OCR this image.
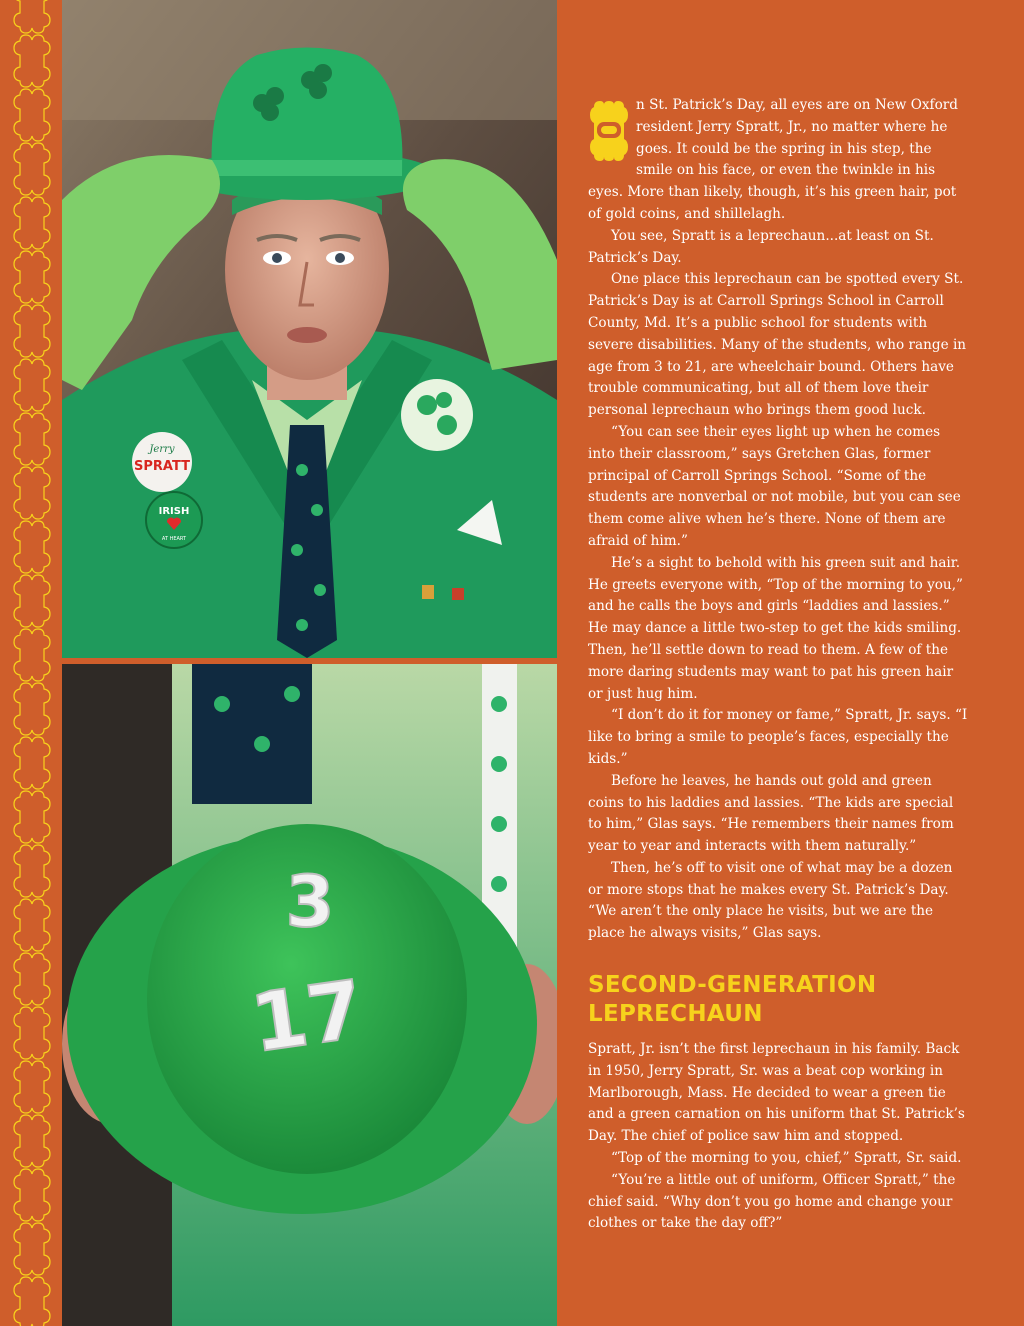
Jerry
SPRATT
IRISH
AT HEART
3
17

n St. Patrick’s Day, all eyes are on New Oxford resident Jerry Spratt, Jr., no matter where he goes. It could be the spring in his step, the smile on his face, or even the twinkle in his eyes. More than likely, though, it’s his green hair, pot of gold coins, and shillelagh.

You see, Spratt is a leprechaun...at least on St. Patrick’s Day.

One place this leprechaun can be spotted every St. Patrick’s Day is at Carroll Springs School in Carroll County, Md. It’s a public school for students with severe disabilities. Many of the students, who range in age from 3 to 21, are wheelchair bound. Others have trouble communicating, but all of them love their personal leprechaun who brings them good luck.

“You can see their eyes light up when he comes into their classroom,” says Gretchen Glas, former principal of Carroll Springs School. “Some of the students are nonverbal or not mobile, but you can see them come alive when he’s there. None of them are afraid of him.”

He’s a sight to behold with his green suit and hair. He greets everyone with, “Top of the morning to you,” and he calls the boys and girls “laddies and lassies.” He may dance a little two-step to get the kids smiling. Then, he’ll settle down to read to them. A few of the more daring students may want to pat his green hair or just hug him.

“I don’t do it for money or fame,” Spratt, Jr. says. “I like to bring a smile to people’s faces, especially the kids.”

Before he leaves, he hands out gold and green coins to his laddies and lassies. “The kids are special to him,” Glas says. “He remembers their names from year to year and interacts with them naturally.”

Then, he’s off to visit one of what may be a dozen or more stops that he makes every St. Patrick’s Day. “We aren’t the only place he visits, but we are the place he always visits,” Glas says.

SECOND-GENERATION LEPRECHAUN

Spratt, Jr. isn’t the first leprechaun in his family. Back in 1950, Jerry Spratt, Sr. was a beat cop working in Marlborough, Mass. He decided to wear a green tie and a green carnation on his uniform that St. Patrick’s Day. The chief of police saw him and stopped.

“Top of the morning to you, chief,” Spratt, Sr. said.

“You’re a little out of uniform, Officer Spratt,” the chief said. “Why don’t you go home and change your clothes or take the day off?”
